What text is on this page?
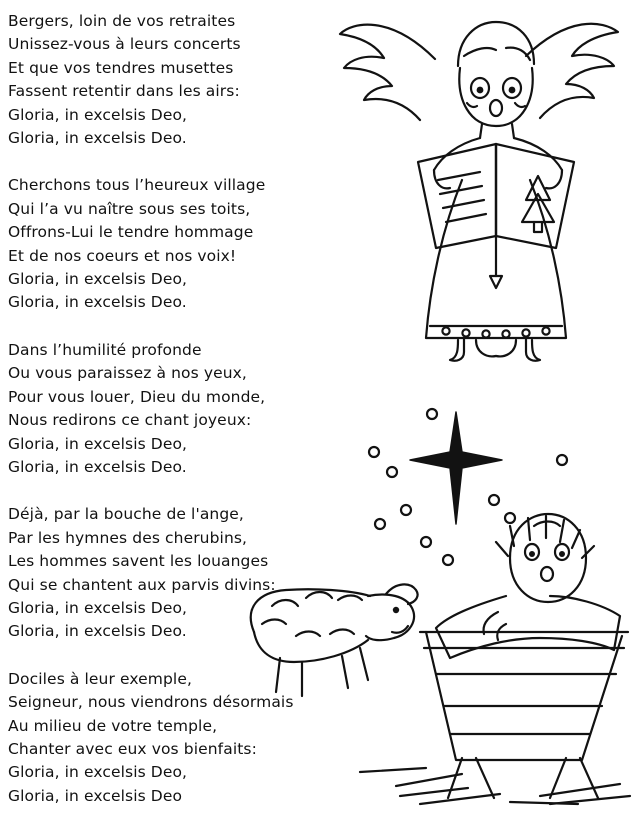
Bergers, loin de vos retraites
Unissez-vous à leurs concerts
Et que vos tendres musettes
Fassent retentir dans les airs:
Gloria, in excelsis Deo,
Gloria, in excelsis Deo.
Cherchons tous l’heureux village
Qui l’a vu naître sous ses toits,
Offrons-Lui le tendre hommage
Et de nos coeurs et nos voix!
Gloria, in excelsis Deo,
Gloria, in excelsis Deo.
Dans l’humilité profonde
Ou vous paraissez à nos yeux,
Pour vous louer, Dieu du monde,
Nous redirons ce chant joyeux:
Gloria, in excelsis Deo,
Gloria, in excelsis Deo.
Déjà, par la bouche de l'ange,
Par les hymnes des cherubins,
Les hommes savent les louanges
Qui se chantent aux parvis divins:
Gloria, in excelsis Deo,
Gloria, in excelsis Deo.
Dociles à leur exemple,
Seigneur, nous viendrons désormais
Au milieu de votre temple,
Chanter avec eux vos bienfaits:
Gloria, in excelsis Deo,
Gloria, in excelsis Deo
